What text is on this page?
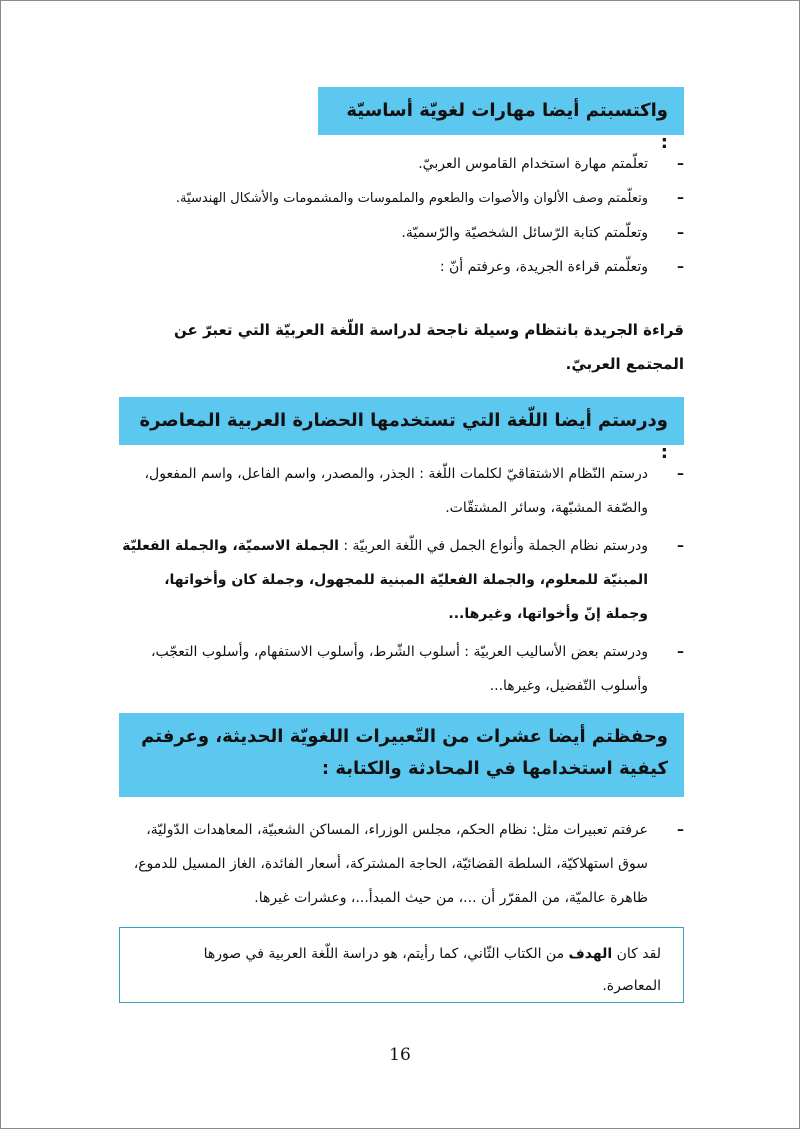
واكتسبتم أيضا مهارات لغويّة أساسيّة :
–
تعلّمتم مهارة استخدام القاموس العربيّ.
–
وتعلّمتم وصف الألوان والأصوات والطعوم والملموسات والمشمومات والأشكال الهندسيّة.
–
وتعلّمتم كتابة الرّسائل الشخصيّة والرّسميّة.
–
وتعلّمتم قراءة الجريدة، وعرفتم أنّ :
قراءة الجريدة بانتظام وسيلة ناجحة لدراسة اللّغة العربيّة التي تعبرّ عن المجتمع العربيّ.
ودرستم أيضا اللّغة التي تستخدمها الحضارة العربية المعاصرة :
–
درستم النّظام الاشتقاقيّ لكلمات اللّغة : الجذر، والمصدر، واسم الفاعل، واسم المفعول، والصّفة المشبّهة، وسائر المشتقّات.
–
ودرستم نظام الجملة وأنواع الجمل في اللّغة العربيّة : الجملة الاسميّة، والجملة الفعليّة المبنيّة للمعلوم، والجملة الفعليّة المبنية للمجهول، وجملة كان وأخواتها، وجملة إنّ وأخواتها، وغيرها...
–
ودرستم بعض الأساليب العربيّة : أسلوب الشّرط، وأسلوب الاستفهام، وأسلوب التعجّب، وأسلوب التّفضيل، وغيرها...
وحفظتم أيضا عشرات من التّعبيرات اللغويّة الحديثة، وعرفتم كيفية استخدامها في المحادثة والكتابة :
–
عرفتم تعبيرات مثل: نظام الحكم، مجلس الوزراء، المساكن الشعبيّة، المعاهدات الدّوليّة، سوق استهلاكيّة، السلطة القضائيّة، الحاجة المشتركة، أسعار الفائدة، الغاز المسيل للدموع، ظاهرة عالميّة، من المقرّر أن ...، من حيث المبدأ...، وعشرات غيرها.
لقد كان الهدف من الكتاب الثّاني، كما رأيتم، هو دراسة اللّغة العربية في صورها المعاصرة.
16
